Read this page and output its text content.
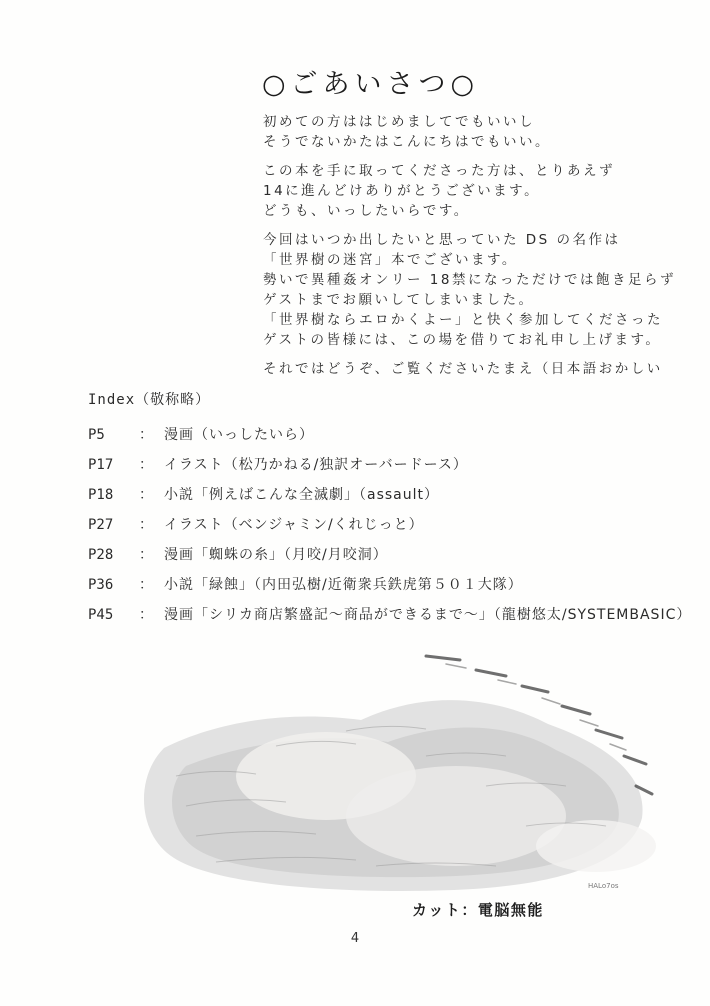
○ごあいさつ○
初めての方ははじめましてでもいいし
そうでないかたはこんにちはでもいい。
この本を手に取ってくださった方は、とりあえず
14に進んどけありがとうございます。
どうも、いっしたいらです。
今回はいつか出したいと思っていた DS の名作は
「世界樹の迷宮」本でございます。
勢いで異種姦オンリー 18禁になっただけでは飽き足らず
ゲストまでお願いしてしまいました。
「世界樹ならエロかくよー」と快く参加してくださった
ゲストの皆様には、この場を借りてお礼申し上げます。
それではどうぞ、ご覧くださいたまえ（日本語おかしい
Index（敬称略）
P5 ： 漫画（いっしたいら）
P17 ： イラスト（松乃かねる/独訳オーバードース）
P18 ： 小説「例えばこんな全滅劇」（assault）
P27 ： イラスト（ベンジャミン/くれじっと）
P28 ： 漫画「蜘蛛の糸」（月咬/月咬洞）
P36 ： 小説「緑蝕」（内田弘樹/近衛衆兵鉄虎第５０１大隊）
P45 ： 漫画「シリカ商店繁盛記～商品ができるまで～」（龍樹悠太/SYSTEMBASIC）
HALo7os
カット：電脳無能
4
